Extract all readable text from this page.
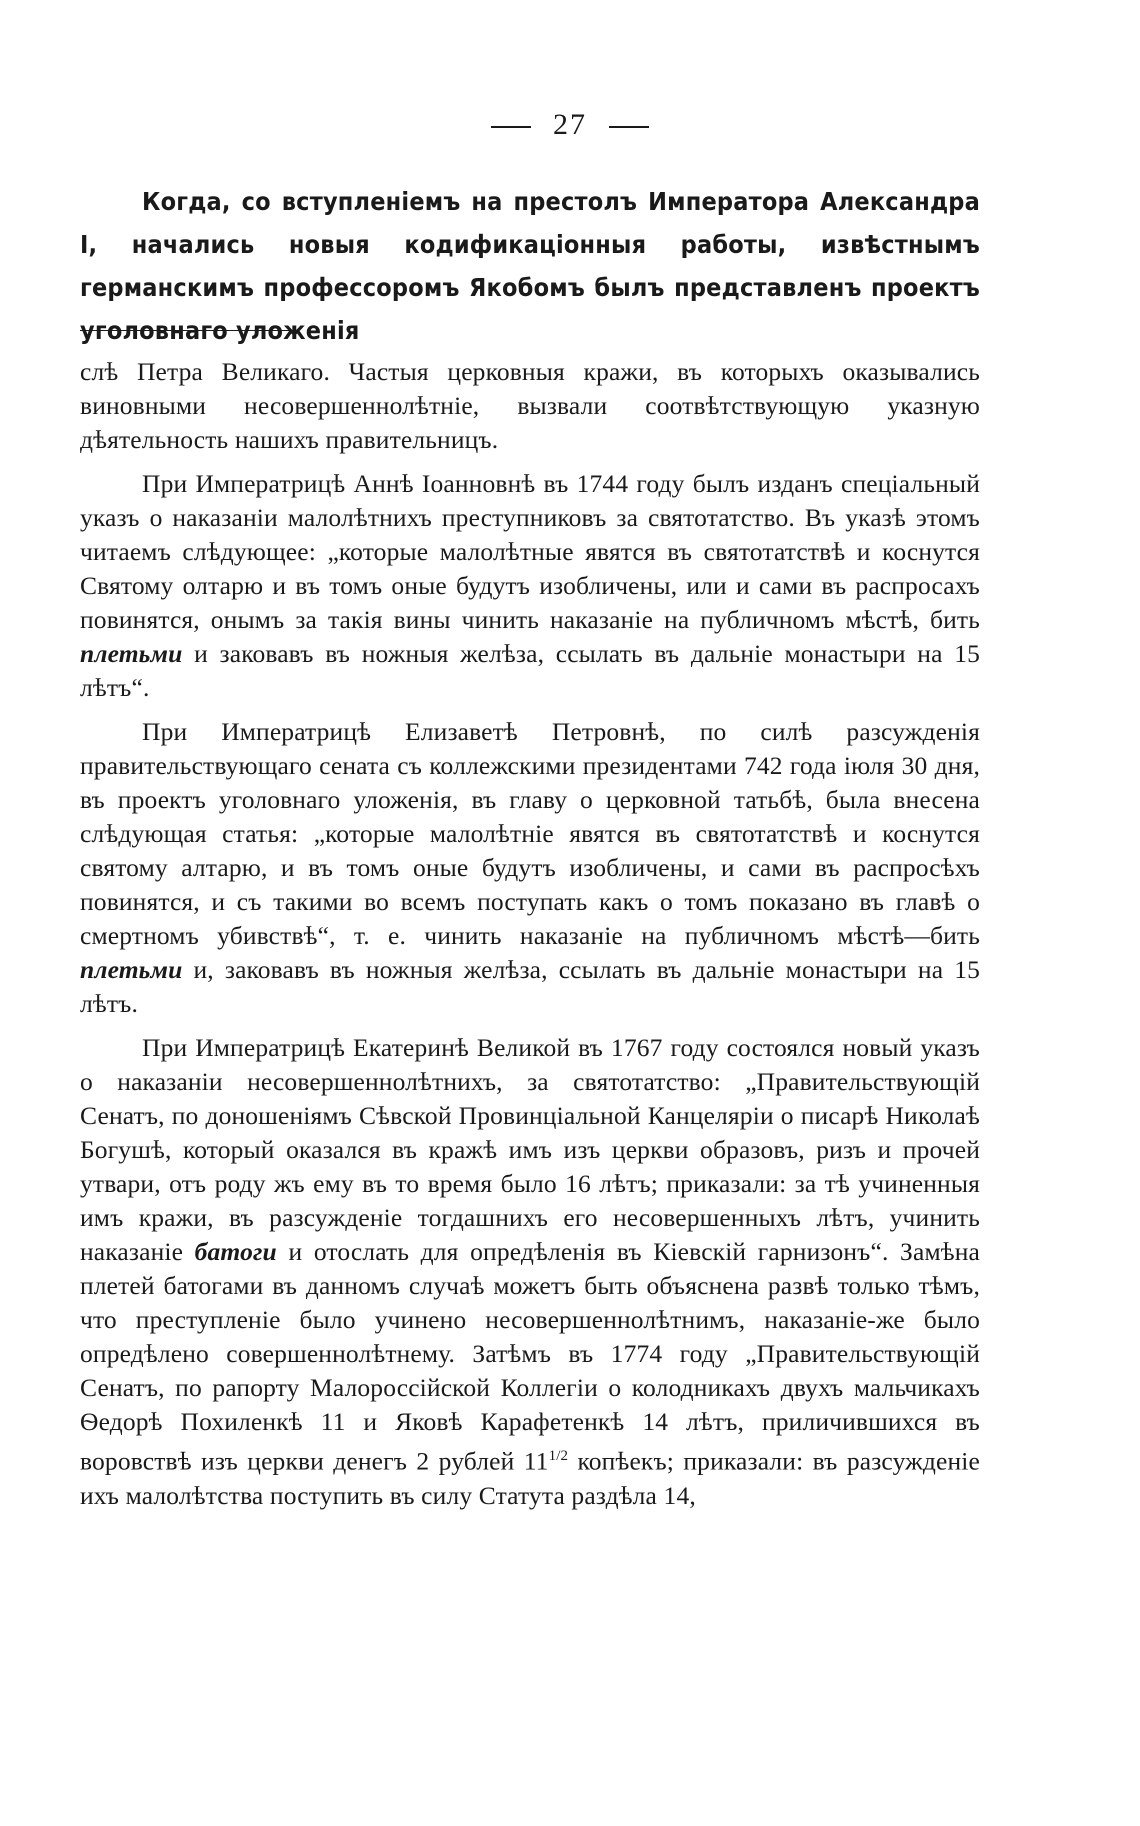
27

Когда, со вступленіемъ на престолъ Императора Александра I, начались новыя кодификаціонныя работы, извѣстнымъ германскимъ профессоромъ Якобомъ былъ представленъ проектъ уголовнаго уложенія

слѣ Петра Великаго. Частыя церковныя кражи, въ которыхъ оказывались виновными несовершеннолѣтніе, вызвали соотвѣтствующую указную дѣятельность нашихъ правительницъ.

При Императрицѣ Аннѣ Іоанновнѣ въ 1744 году былъ изданъ спеціальный указъ о наказаніи малолѣтнихъ преступниковъ за святотатство. Въ указѣ этомъ читаемъ слѣдующее: „которые малолѣтные явятся въ святотатствѣ и коснутся Святому олтарю и въ томъ оные будутъ изобличены, или и сами въ распросахъ повинятся, онымъ за такія вины чинить наказаніе на публичномъ мѣстѣ, бить плетьми и заковавъ въ ножныя желѣза, ссылать въ дальніе монастыри на 15 лѣтъ“.

При Императрицѣ Елизаветѣ Петровнѣ, по силѣ разсужденія правительствующаго сената съ коллежскими президентами 742 года іюля 30 дня, въ проектъ уголовнаго уложенія, въ главу о церковной татьбѣ, была внесена слѣдующая статья: „которые малолѣтніе явятся въ святотатствѣ и коснутся святому алтарю, и въ томъ оные будутъ изобличены, и сами въ распросѣхъ повинятся, и съ такими во всемъ поступать какъ о томъ показано въ главѣ о смертномъ убивствѣ“, т. е. чинить наказаніе на публичномъ мѣстѣ—бить плетьми и, заковавъ въ ножныя желѣза, ссылать въ дальніе монастыри на 15 лѣтъ.

При Императрицѣ Екатеринѣ Великой въ 1767 году состоялся новый указъ о наказаніи несовершеннолѣтнихъ, за святотатство: „Правительствующій Сенатъ, по доношеніямъ Сѣвской Провинціальной Канцеляріи о писарѣ Николаѣ Богушѣ, который оказался въ кражѣ имъ изъ церкви образовъ, ризъ и прочей утвари, отъ роду жъ ему въ то время было 16 лѣтъ; приказали: за тѣ учиненныя имъ кражи, въ разсужденіе тогдашнихъ его несовершенныхъ лѣтъ, учинить наказаніе батоги и отослать для опредѣленія въ Кіевскій гарнизонъ“. Замѣна плетей батогами въ данномъ случаѣ можетъ быть объяснена развѣ только тѣмъ, что преступленіе было учинено несовершеннолѣтнимъ, наказаніе-же было опредѣлено совершеннолѣтнему. Затѣмъ въ 1774 году „Правительствующій Сенатъ, по рапорту Малороссійской Коллегіи о колодникахъ двухъ мальчикахъ Ѳедорѣ Похиленкѣ 11 и Яковѣ Карафетенкѣ 14 лѣтъ, приличившихся въ воровствѣ изъ церкви денегъ 2 рублей $11^{1/2}$ копѣекъ; приказали: въ разсужденіе ихъ малолѣтства поступить въ силу Статута раздѣла 14,
